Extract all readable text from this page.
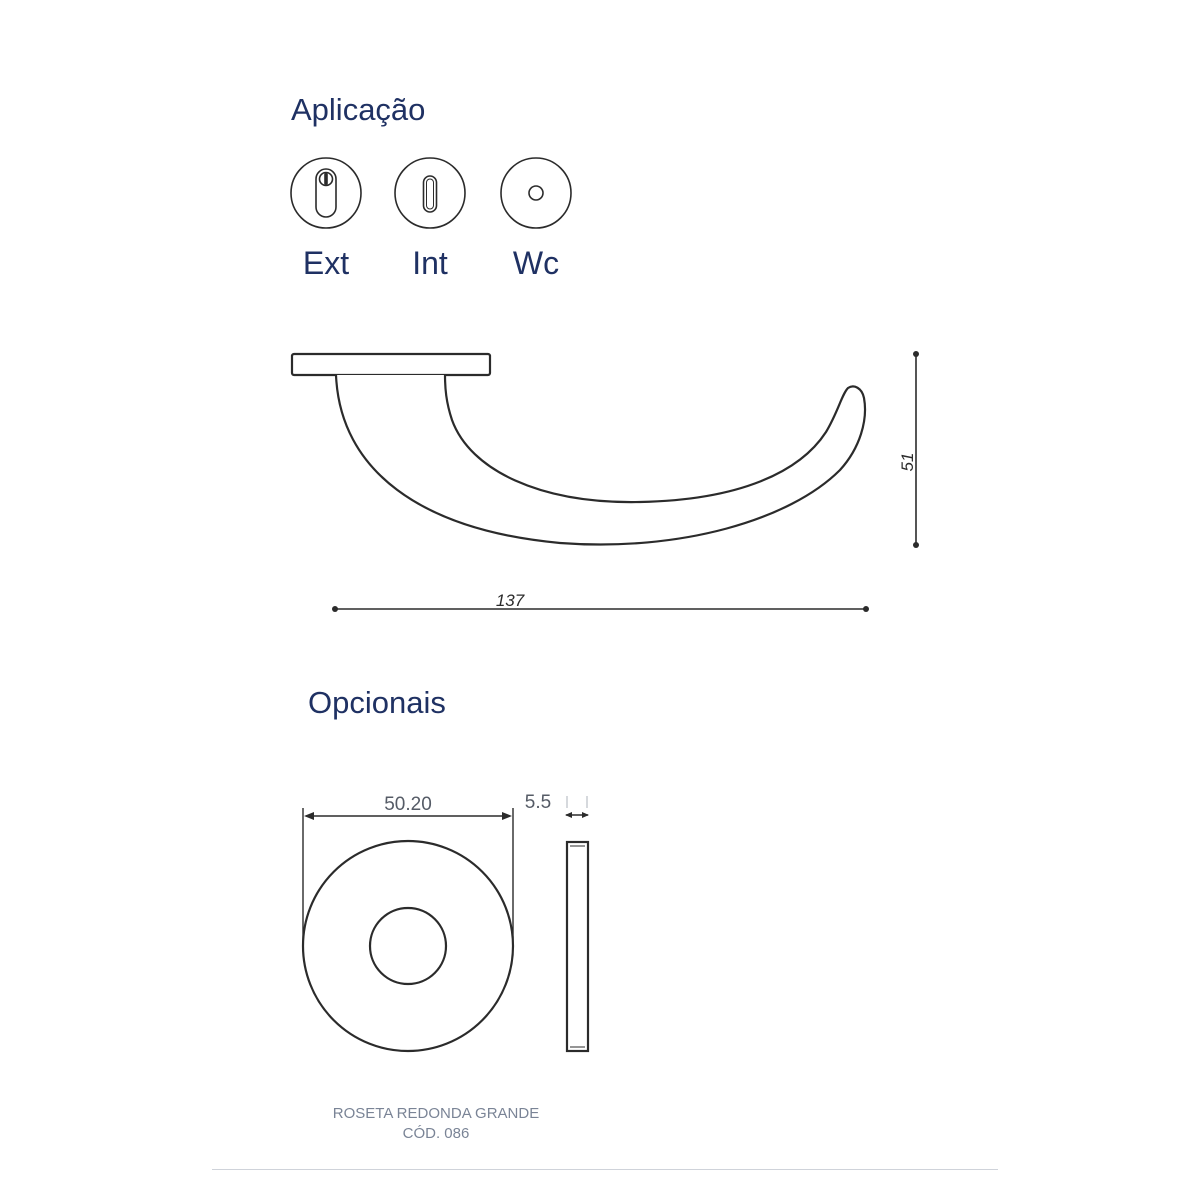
Aplicação
Ext	Int	Wc
51
137
Opcionais
50.20	5.5
ROSETA REDONDA GRANDE
CÓD. 086
